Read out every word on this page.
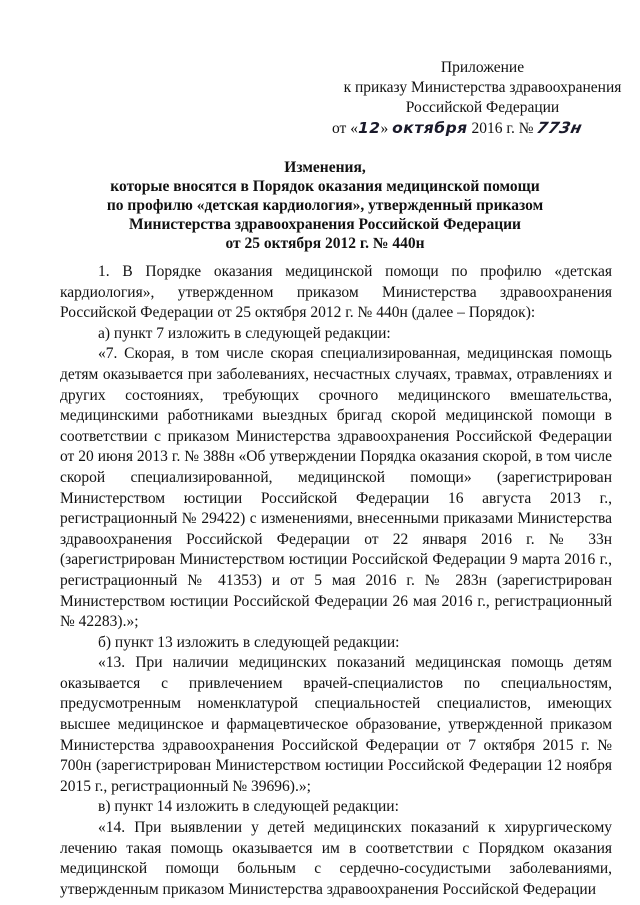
Приложение
к приказу Министерства здравоохранения
Российской Федерации
от «12» октября 2016 г. № 773н
Изменения,
которые вносятся в Порядок оказания медицинской помощи
по профилю «детская кардиология», утвержденный приказом
Министерства здравоохранения Российской Федерации
от 25 октября 2012 г. № 440н

1. В Порядке оказания медицинской помощи по профилю «детская кардиология», утвержденном приказом Министерства здравоохранения Российской Федерации от 25 октября 2012 г. № 440н (далее – Порядок):

а) пункт 7 изложить в следующей редакции:

«7. Скорая, в том числе скорая специализированная, медицинская помощь детям оказывается при заболеваниях, несчастных случаях, травмах, отравлениях и других состояниях, требующих срочного медицинского вмешательства, медицинскими работниками выездных бригад скорой медицинской помощи в соответствии с приказом Министерства здравоохранения Российской Федерации от 20 июня 2013 г. № 388н «Об утверждении Порядка оказания скорой, в том числе скорой специализированной, медицинской помощи» (зарегистрирован Министерством юстиции Российской Федерации 16 августа 2013 г., регистрационный № 29422) с изменениями, внесенными приказами Министерства здравоохранения Российской Федерации от 22 января 2016 г. № 33н (зарегистрирован Министерством юстиции Российской Федерации 9 марта 2016 г., регистрационный № 41353) и от 5 мая 2016 г. № 283н (зарегистрирован Министерством юстиции Российской Федерации 26 мая 2016 г., регистрационный № 42283).»;

б) пункт 13 изложить в следующей редакции:

«13. При наличии медицинских показаний медицинская помощь детям оказывается с привлечением врачей-специалистов по специальностям, предусмотренным номенклатурой специальностей специалистов, имеющих высшее медицинское и фармацевтическое образование, утвержденной приказом Министерства здравоохранения Российской Федерации от 7 октября 2015 г. № 700н (зарегистрирован Министерством юстиции Российской Федерации 12 ноября 2015 г., регистрационный № 39696).»;

в) пункт 14 изложить в следующей редакции:

«14. При выявлении у детей медицинских показаний к хирургическому лечению такая помощь оказывается им в соответствии с Порядком оказания медицинской помощи больным с сердечно-сосудистыми заболеваниями, утвержденным приказом Министерства здравоохранения Российской Федерации
